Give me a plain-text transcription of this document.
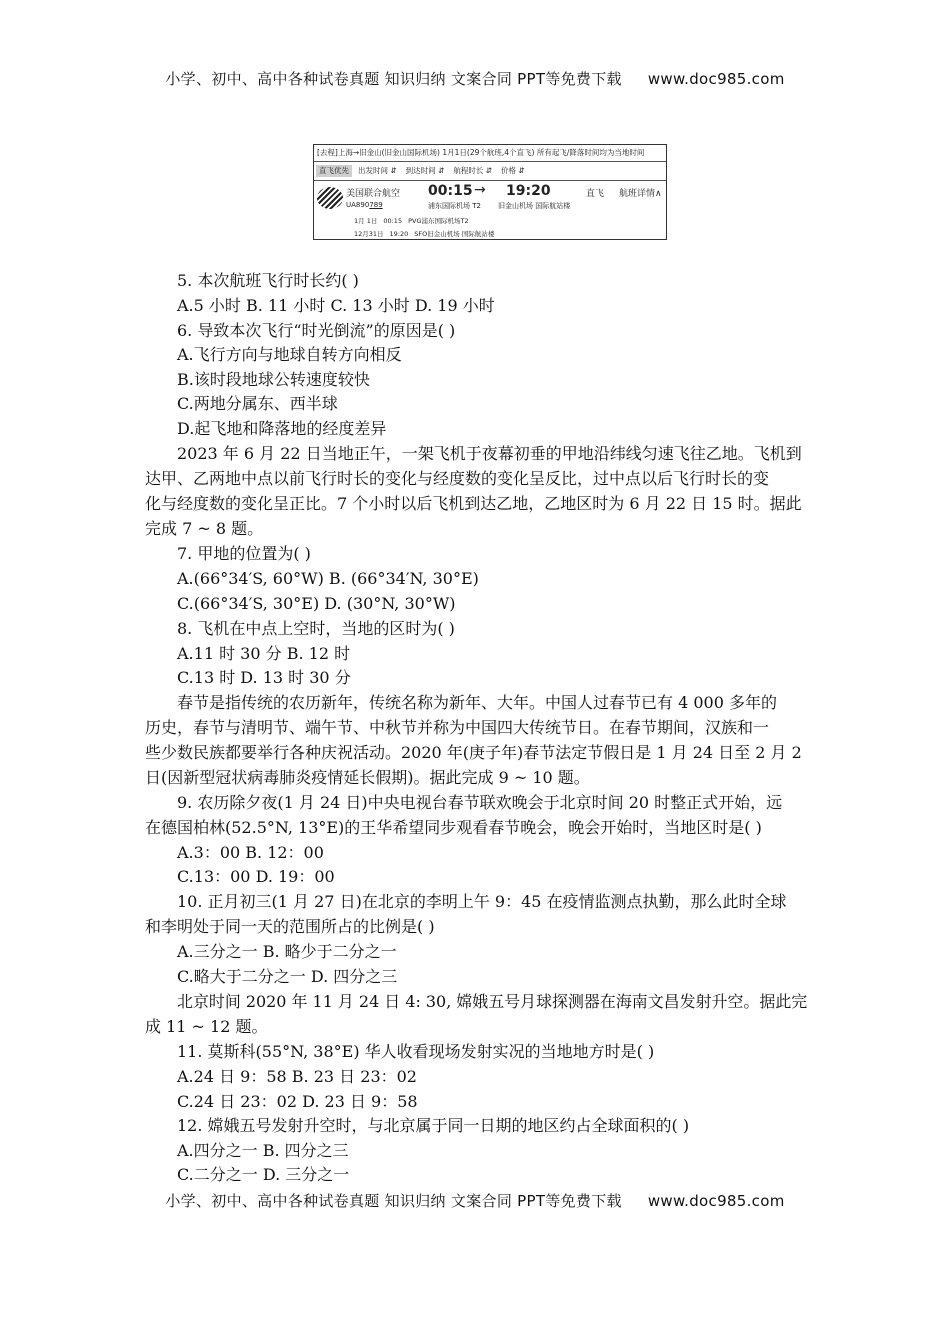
小学、初中、高中各种试卷真题 知识归纳 文案合同 PPT等免费下载 www.doc985.com
[去程]上海→旧金山(旧金山国际机场) 1月1日(29个航班,4个直飞) 所有起飞/降落时间均为当地时间
直飞优先	出发时间 ⇵ 到达时间 ⇵ 航程时长 ⇵ 价格 ⇵
美国联合航空
UA890789
00:15 → 19:20
浦东国际机场 T2 旧金山机场 国际航站楼
直飞 航班详情∧
1月 1日 00:15 PVG浦东国际机场T2
12月31日 19:20 SFO旧金山机场 国际航站楼
5. 本次航班飞行时长约( )
A.5 小时 B. 11 小时 C. 13 小时 D. 19 小时
6. 导致本次飞行“时光倒流”的原因是( )
A.飞行方向与地球自转方向相反
B.该时段地球公转速度较快
C.两地分属东、西半球
D.起飞地和降落地的经度差异
2023 年 6 月 22 日当地正午，一架飞机于夜幕初垂的甲地沿纬线匀速飞往乙地。飞机到
达甲、乙两地中点以前飞行时长的变化与经度数的变化呈反比，过中点以后飞行时长的变
化与经度数的变化呈正比。7 个小时以后飞机到达乙地，乙地区时为 6 月 22 日 15 时。据此
完成 7 ~ 8 题。
7. 甲地的位置为( )
A.(66°34′S, 60°W) B. (66°34′N, 30°E)
C.(66°34′S, 30°E) D. (30°N, 30°W)
8. 飞机在中点上空时，当地的区时为( )
A.11 时 30 分 B. 12 时
C.13 时 D. 13 时 30 分
春节是指传统的农历新年，传统名称为新年、大年。中国人过春节已有 4 000 多年的
历史，春节与清明节、端午节、中秋节并称为中国四大传统节日。在春节期间，汉族和一
些少数民族都要举行各种庆祝活动。2020 年(庚子年)春节法定节假日是 1 月 24 日至 2 月 2
日(因新型冠状病毒肺炎疫情延长假期)。据此完成 9 ~ 10 题。
9. 农历除夕夜(1 月 24 日)中央电视台春节联欢晚会于北京时间 20 时整正式开始，远
在德国柏林(52.5°N, 13°E)的王华希望同步观看春节晚会，晚会开始时，当地区时是( )
A.3：00 B. 12：00
C.13：00 D. 19：00
10. 正月初三(1 月 27 日)在北京的李明上午 9：45 在疫情监测点执勤，那么此时全球
和李明处于同一天的范围所占的比例是( )
A.三分之一 B. 略少于二分之一
C.略大于二分之一 D. 四分之三
北京时间 2020 年 11 月 24 日 4: 30, 嫦娥五号月球探测器在海南文昌发射升空。据此完
成 11 ~ 12 题。
11. 莫斯科(55°N, 38°E) 华人收看现场发射实况的当地地方时是( )
A.24 日 9：58 B. 23 日 23：02
C.24 日 23：02 D. 23 日 9：58
12. 嫦娥五号发射升空时，与北京属于同一日期的地区约占全球面积的( )
A.四分之一 B. 四分之三
C.二分之一 D. 三分之一
小学、初中、高中各种试卷真题 知识归纳 文案合同 PPT等免费下载 www.doc985.com
